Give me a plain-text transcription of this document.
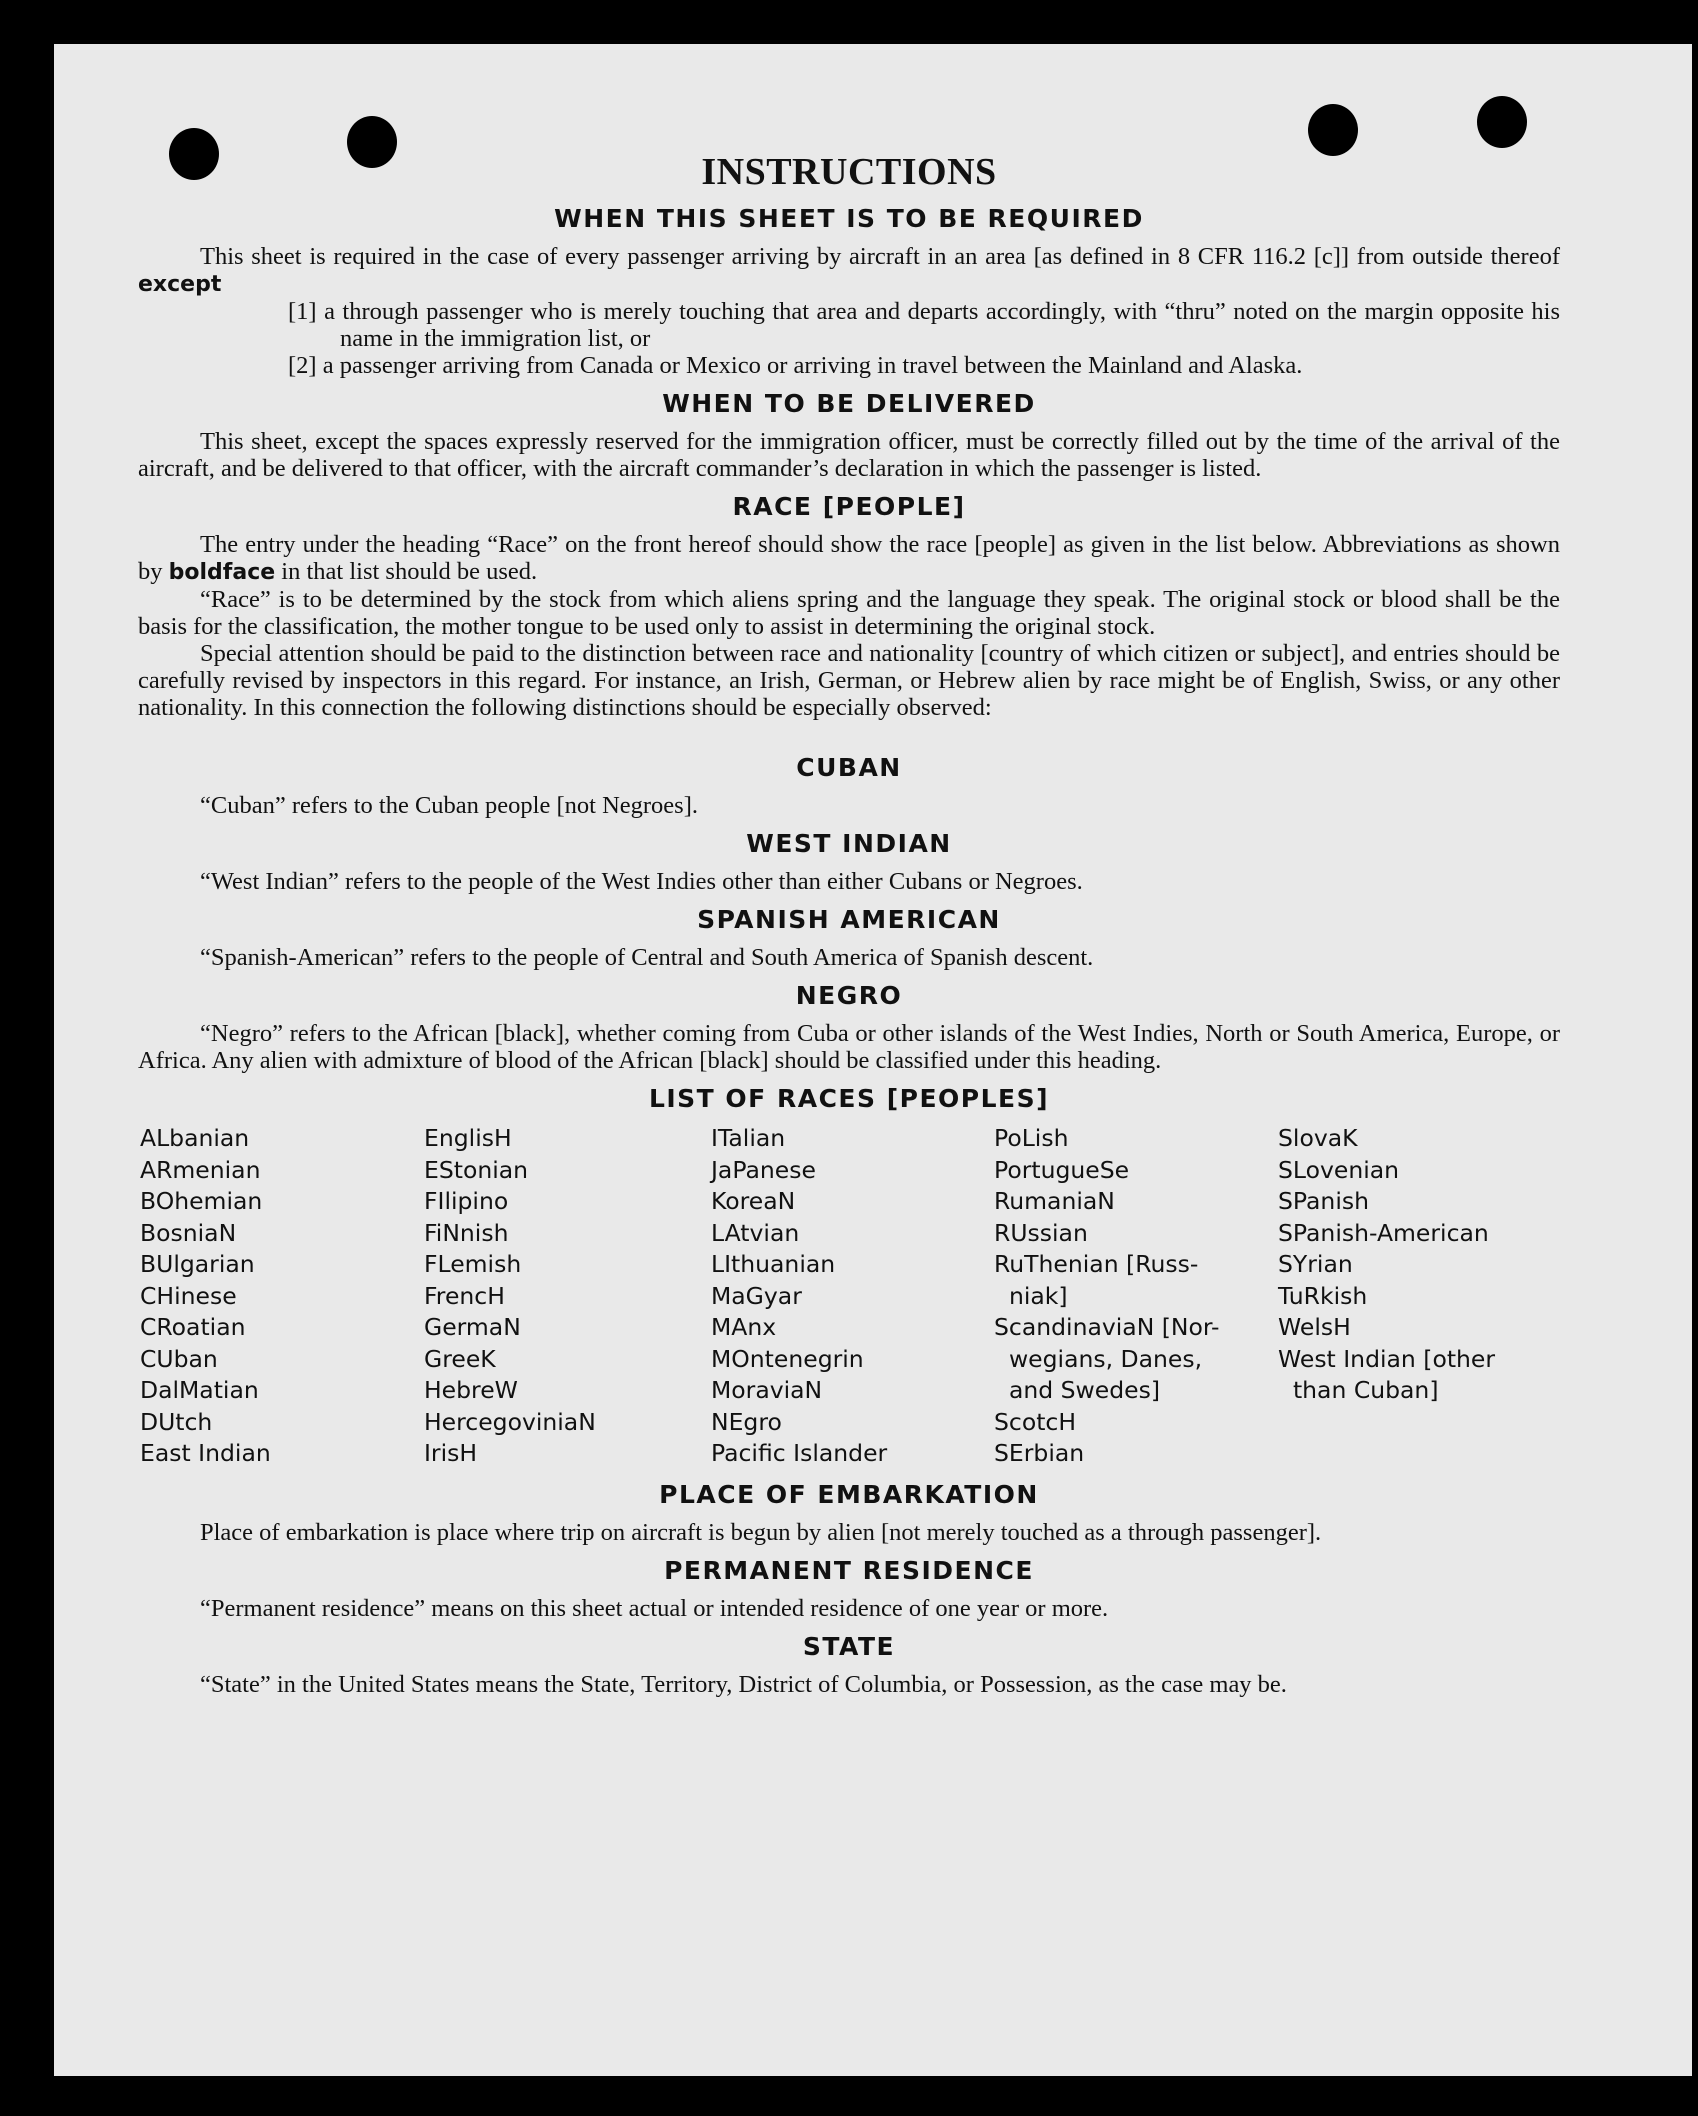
INSTRUCTIONS
WHEN THIS SHEET IS TO BE REQUIRED

This sheet is required in the case of every passenger arriving by aircraft in an area [as defined in 8 CFR 116.2 [c]] from outside thereof except

[1] a through passenger who is merely touching that area and departs accordingly, with “thru” noted on the margin opposite his name in the immigration list, or

[2] a passenger arriving from Canada or Mexico or arriving in travel between the Mainland and Alaska.

WHEN TO BE DELIVERED

This sheet, except the spaces expressly reserved for the immigration officer, must be correctly filled out by the time of the arrival of the aircraft, and be delivered to that officer, with the aircraft commander’s declaration in which the passenger is listed.

RACE [PEOPLE]

The entry under the heading “Race” on the front hereof should show the race [people] as given in the list below. Abbreviations as shown by boldface in that list should be used.

“Race” is to be determined by the stock from which aliens spring and the language they speak. The original stock or blood shall be the basis for the classification, the mother tongue to be used only to assist in determining the original stock.

Special attention should be paid to the distinction between race and nationality [country of which citizen or subject], and entries should be carefully revised by inspectors in this regard. For instance, an Irish, German, or Hebrew alien by race might be of English, Swiss, or any other nationality. In this connection the following distinctions should be especially observed:

CUBAN

“Cuban” refers to the Cuban people [not Negroes].

WEST INDIAN

“West Indian” refers to the people of the West Indies other than either Cubans or Negroes.

SPANISH AMERICAN

“Spanish-American” refers to the people of Central and South America of Spanish descent.

NEGRO

“Negro” refers to the African [black], whether coming from Cuba or other islands of the West Indies, North or South America, Europe, or Africa. Any alien with admixture of blood of the African [black] should be classified under this heading.

LIST OF RACES [PEOPLES]
ALbanian
ARmenian
BOhemian
BosniaN
BUlgarian
CHinese
CRoatian
CUban
DalMatian
DUtch
East Indian
EnglisH
EStonian
FIlipino
FiNnish
FLemish
FrencH
GermaN
GreeK
HebreW
HercegoviniaN
IrisH
ITalian
JaPanese
KoreaN
LAtvian
LIthuanian
MaGyar
MAnx
MOntenegrin
MoraviaN
NEgro
Pacific Islander
PoLish
PortugueSe
RumaniaN
RUssian
RuThenian [Russ-
niak]
ScandinaviaN [Nor-
wegians, Danes,
and Swedes]
ScotcH
SErbian
SlovaK
SLovenian
SPanish
SPanish-American
SYrian
TuRkish
WelsH
West Indian [other
than Cuban]
PLACE OF EMBARKATION

Place of embarkation is place where trip on aircraft is begun by alien [not merely touched as a through passenger].

PERMANENT RESIDENCE

“Permanent residence” means on this sheet actual or intended residence of one year or more.

STATE

“State” in the United States means the State, Territory, District of Columbia, or Possession, as the case may be.
